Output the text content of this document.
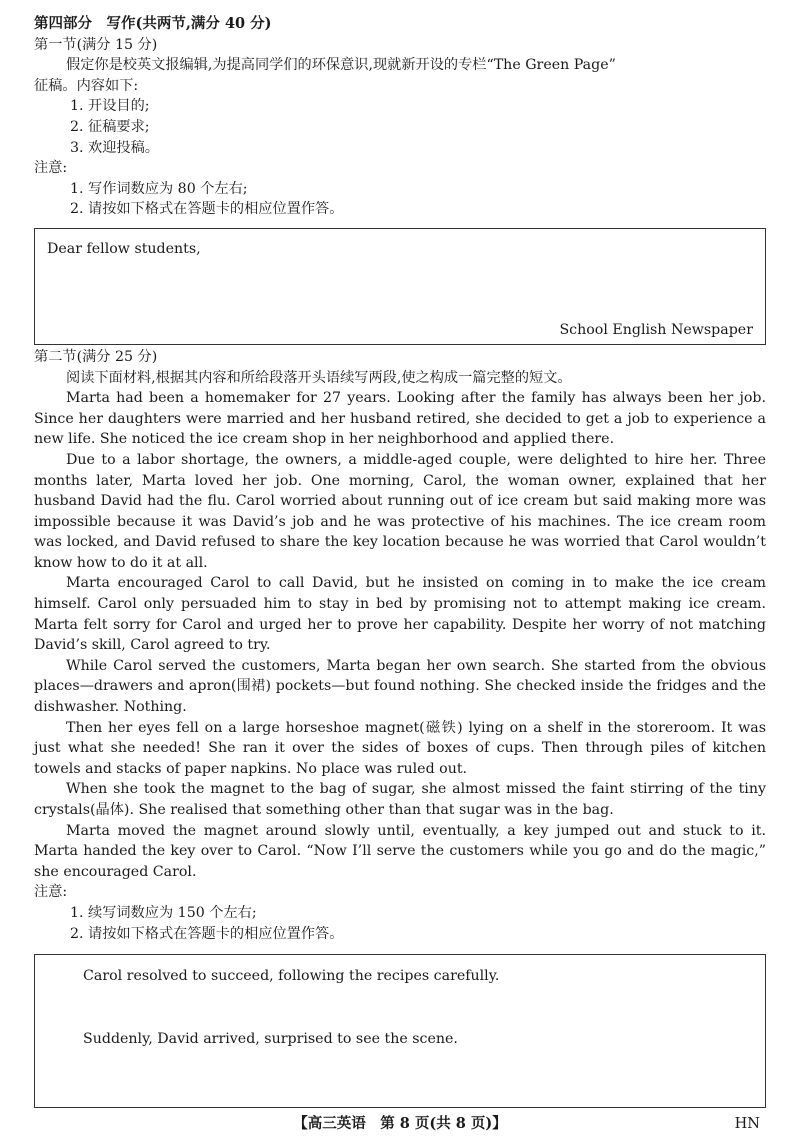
第四部分　写作(共两节,满分 40 分)
第一节(满分 15 分)
假定你是校英文报编辑,为提高同学们的环保意识,现就新开设的专栏“The Green Page”
征稿。内容如下:
1. 开设目的;
2. 征稿要求;
3. 欢迎投稿。
注意:
1. 写作词数应为 80 个左右;
2. 请按如下格式在答题卡的相应位置作答。
Dear fellow students,
School English Newspaper
第二节(满分 25 分)
阅读下面材料,根据其内容和所给段落开头语续写两段,使之构成一篇完整的短文。
Marta had been a homemaker for 27 years. Looking after the family has always been her job. Since her daughters were married and her husband retired, she decided to get a job to experience a new life. She noticed the ice cream shop in her neighborhood and applied there.
Due to a labor shortage, the owners, a middle-aged couple, were delighted to hire her. Three months later, Marta loved her job. One morning, Carol, the woman owner, explained that her husband David had the flu. Carol worried about running out of ice cream but said making more was impossible because it was David’s job and he was protective of his machines. The ice cream room was locked, and David refused to share the key location because he was worried that Carol wouldn’t know how to do it at all.
Marta encouraged Carol to call David, but he insisted on coming in to make the ice cream himself. Carol only persuaded him to stay in bed by promising not to attempt making ice cream. Marta felt sorry for Carol and urged her to prove her capability. Despite her worry of not matching David’s skill, Carol agreed to try.
While Carol served the customers, Marta began her own search. She started from the obvious places—drawers and apron(围裙) pockets—but found nothing. She checked inside the fridges and the dishwasher. Nothing.
Then her eyes fell on a large horseshoe magnet(磁铁) lying on a shelf in the storeroom. It was just what she needed! She ran it over the sides of boxes of cups. Then through piles of kitchen towels and stacks of paper napkins. No place was ruled out.
When she took the magnet to the bag of sugar, she almost missed the faint stirring of the tiny crystals(晶体). She realised that something other than that sugar was in the bag.
Marta moved the magnet around slowly until, eventually, a key jumped out and stuck to it. Marta handed the key over to Carol. “Now I’ll serve the customers while you go and do the magic,” she encouraged Carol.
注意:
1. 续写词数应为 150 个左右;
2. 请按如下格式在答题卡的相应位置作答。
Carol resolved to succeed, following the recipes carefully.
Suddenly, David arrived, surprised to see the scene.
【高三英语　第 8 页(共 8 页)】	HN
